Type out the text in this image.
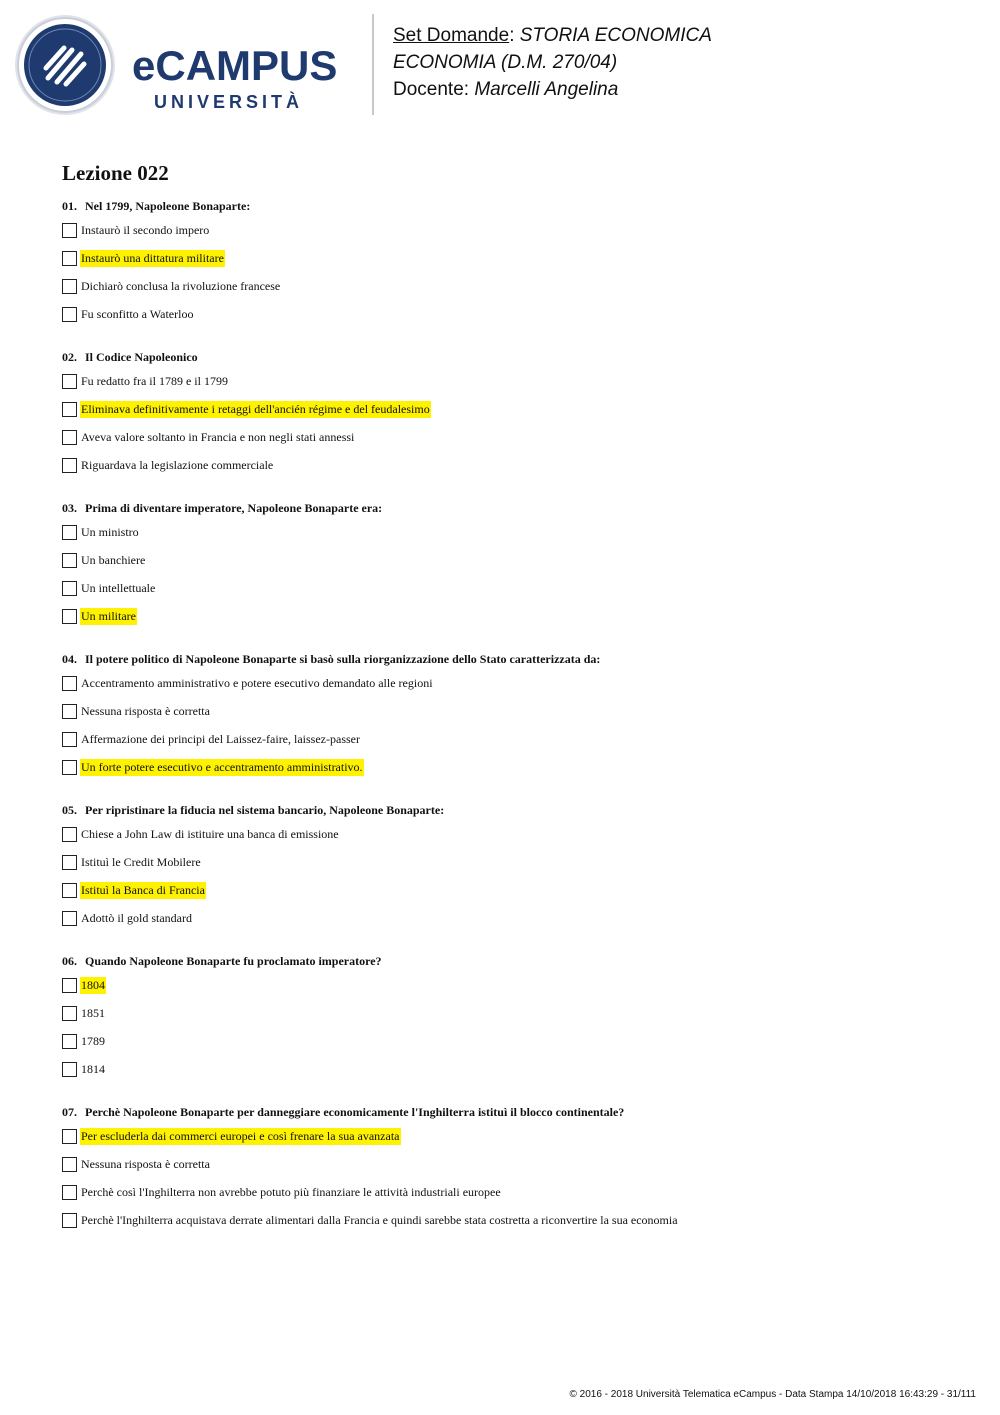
eCAMPUS
UNIVERSITÀ
Set Domande: STORIA ECONOMICA
ECONOMIA (D.M. 270/04)
Docente: Marcelli Angelina
Lezione 022
01. Nel 1799, Napoleone Bonaparte:
Instaurò il secondo impero
Instaurò una dittatura militare
Dichiarò conclusa la rivoluzione francese
Fu sconfitto a Waterloo
02. Il Codice Napoleonico
Fu redatto fra il 1789 e il 1799
Eliminava definitivamente i retaggi dell'ancién régime e del feudalesimo
Aveva valore soltanto in Francia e non negli stati annessi
Riguardava la legislazione commerciale
03. Prima di diventare imperatore, Napoleone Bonaparte era:
Un ministro
Un banchiere
Un intellettuale
Un militare
04. Il potere politico di Napoleone Bonaparte si basò sulla riorganizzazione dello Stato caratterizzata da:
Accentramento amministrativo e potere esecutivo demandato alle regioni
Nessuna risposta è corretta
Affermazione dei principi del Laissez-faire, laissez-passer
Un forte potere esecutivo e accentramento amministrativo.
05. Per ripristinare la fiducia nel sistema bancario, Napoleone Bonaparte:
Chiese a John Law di istituire una banca di emissione
Istituì le Credit Mobilere
Istituì la Banca di Francia
Adottò il gold standard
06. Quando Napoleone Bonaparte fu proclamato imperatore?
1804
1851
1789
1814
07. Perchè Napoleone Bonaparte per danneggiare economicamente l'Inghilterra istituì il blocco continentale?
Per escluderla dai commerci europei e così frenare la sua avanzata
Nessuna risposta è corretta
Perchè così l'Inghilterra non avrebbe potuto più finanziare le attività industriali europee
Perchè l'Inghilterra acquistava derrate alimentari dalla Francia e quindi sarebbe stata costretta a riconvertire la sua economia
© 2016 - 2018 Università Telematica eCampus - Data Stampa 14/10/2018 16:43:29 - 31/111
